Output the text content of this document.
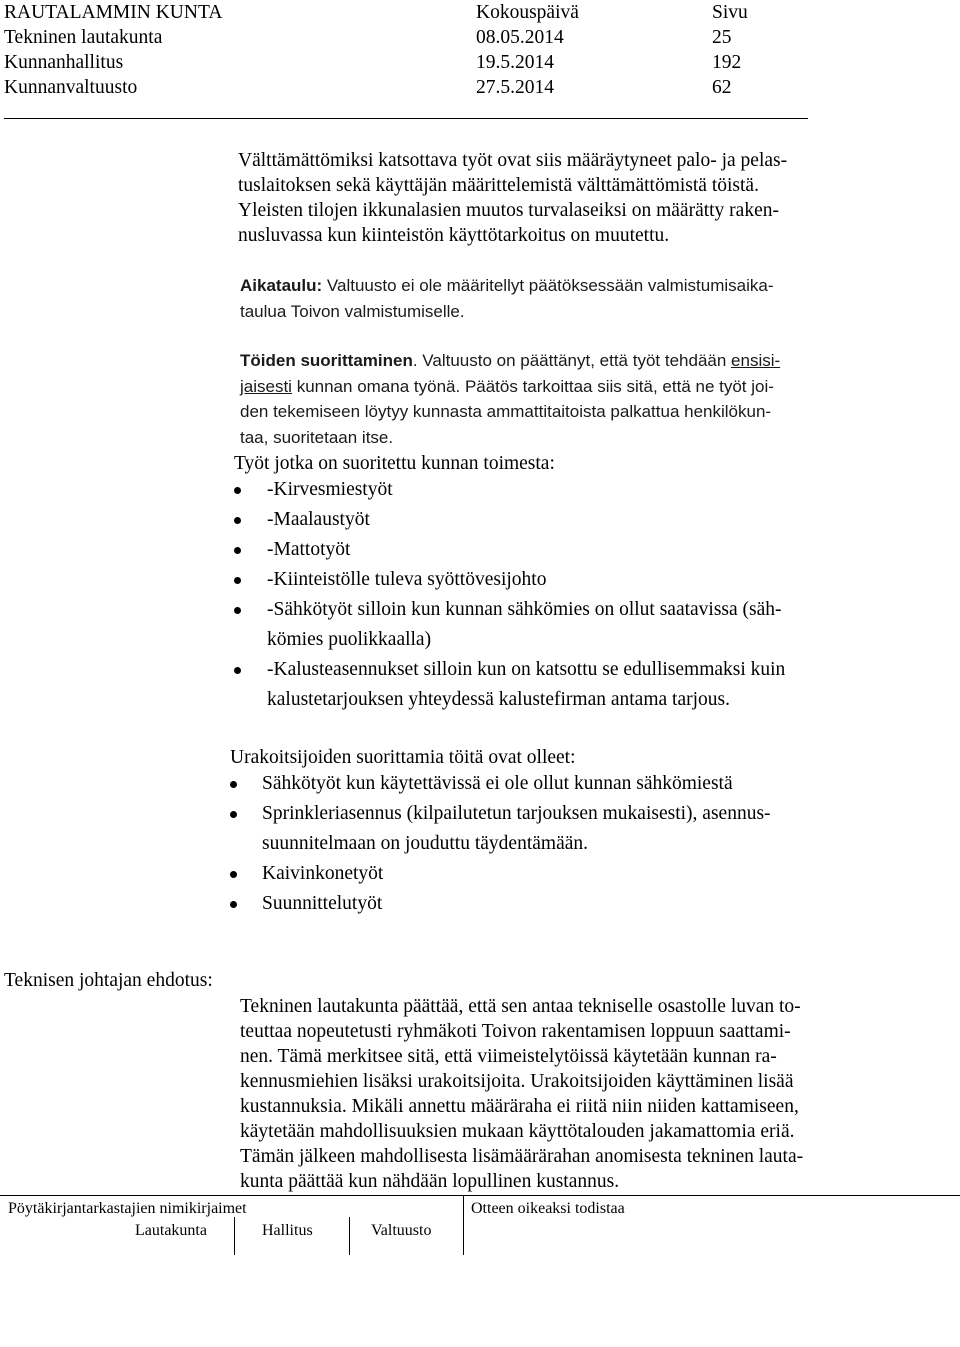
RAUTALAMMIN KUNTA	Kokouspäivä	Sivu
Tekninen lautakunta	08.05.2014	25
Kunnanhallitus	19.5.2014	192
Kunnanvaltuusto	27.5.2014	62
Välttämättömiksi katsottava työt ovat siis määräytyneet palo- ja pelas-
tuslaitoksen sekä käyttäjän määrittelemistä välttämättömistä töistä.
Yleisten tilojen ikkunalasien muutos turvalaseiksi on määrätty raken-
nusluvassa kun kiinteistön käyttötarkoitus on muutettu.
Aikataulu: Valtuusto ei ole määritellyt päätöksessään valmistumisaika-
taulua Toivon valmistumiselle.
Töiden suorittaminen. Valtuusto on päättänyt, että työt tehdään ensisi-
jaisesti kunnan omana työnä. Päätös tarkoittaa siis sitä, että ne työt joi-
den tekemiseen löytyy kunnasta ammattitaitoista palkattua henkilökun-
taa, suoritetaan itse.
Työt jotka on suoritettu kunnan toimesta:
-Kirvesmiestyöt
-Maalaustyöt
-Mattotyöt
-Kiinteistölle tuleva syöttövesijohto
-Sähkötyöt silloin kun kunnan sähkömies on ollut saatavissa (säh-
kömies puolikkaalla)
-Kalusteasennukset silloin kun on katsottu se edullisemmaksi kuin
kalustetarjouksen yhteydessä kalustefirman antama tarjous.
Urakoitsijoiden suorittamia töitä ovat olleet:
Sähkötyöt kun käytettävissä ei ole ollut kunnan sähkömiestä
Sprinkleriasennus (kilpailutetun tarjouksen mukaisesti), asennus-
suunnitelmaan on jouduttu täydentämään.
Kaivinkonetyöt
Suunnittelutyöt
Teknisen johtajan ehdotus:
Tekninen lautakunta päättää, että sen antaa tekniselle osastolle luvan to-
teuttaa nopeutetusti ryhmäkoti Toivon rakentamisen loppuun saattami-
nen. Tämä merkitsee sitä, että viimeistelytöissä käytetään kunnan ra-
kennusmiehien lisäksi urakoitsijoita. Urakoitsijoiden käyttäminen lisää
kustannuksia. Mikäli annettu määräraha ei riitä niin niiden kattamiseen,
käytetään mahdollisuuksien mukaan käyttötalouden jakamattomia eriä.
Tämän jälkeen mahdollisesta lisämäärärahan anomisesta tekninen lauta-
kunta päättää kun nähdään lopullinen kustannus.
Pöytäkirjantarkastajien nimikirjaimet
Lautakunta	Hallitus	Valtuusto
Otteen oikeaksi todistaa
